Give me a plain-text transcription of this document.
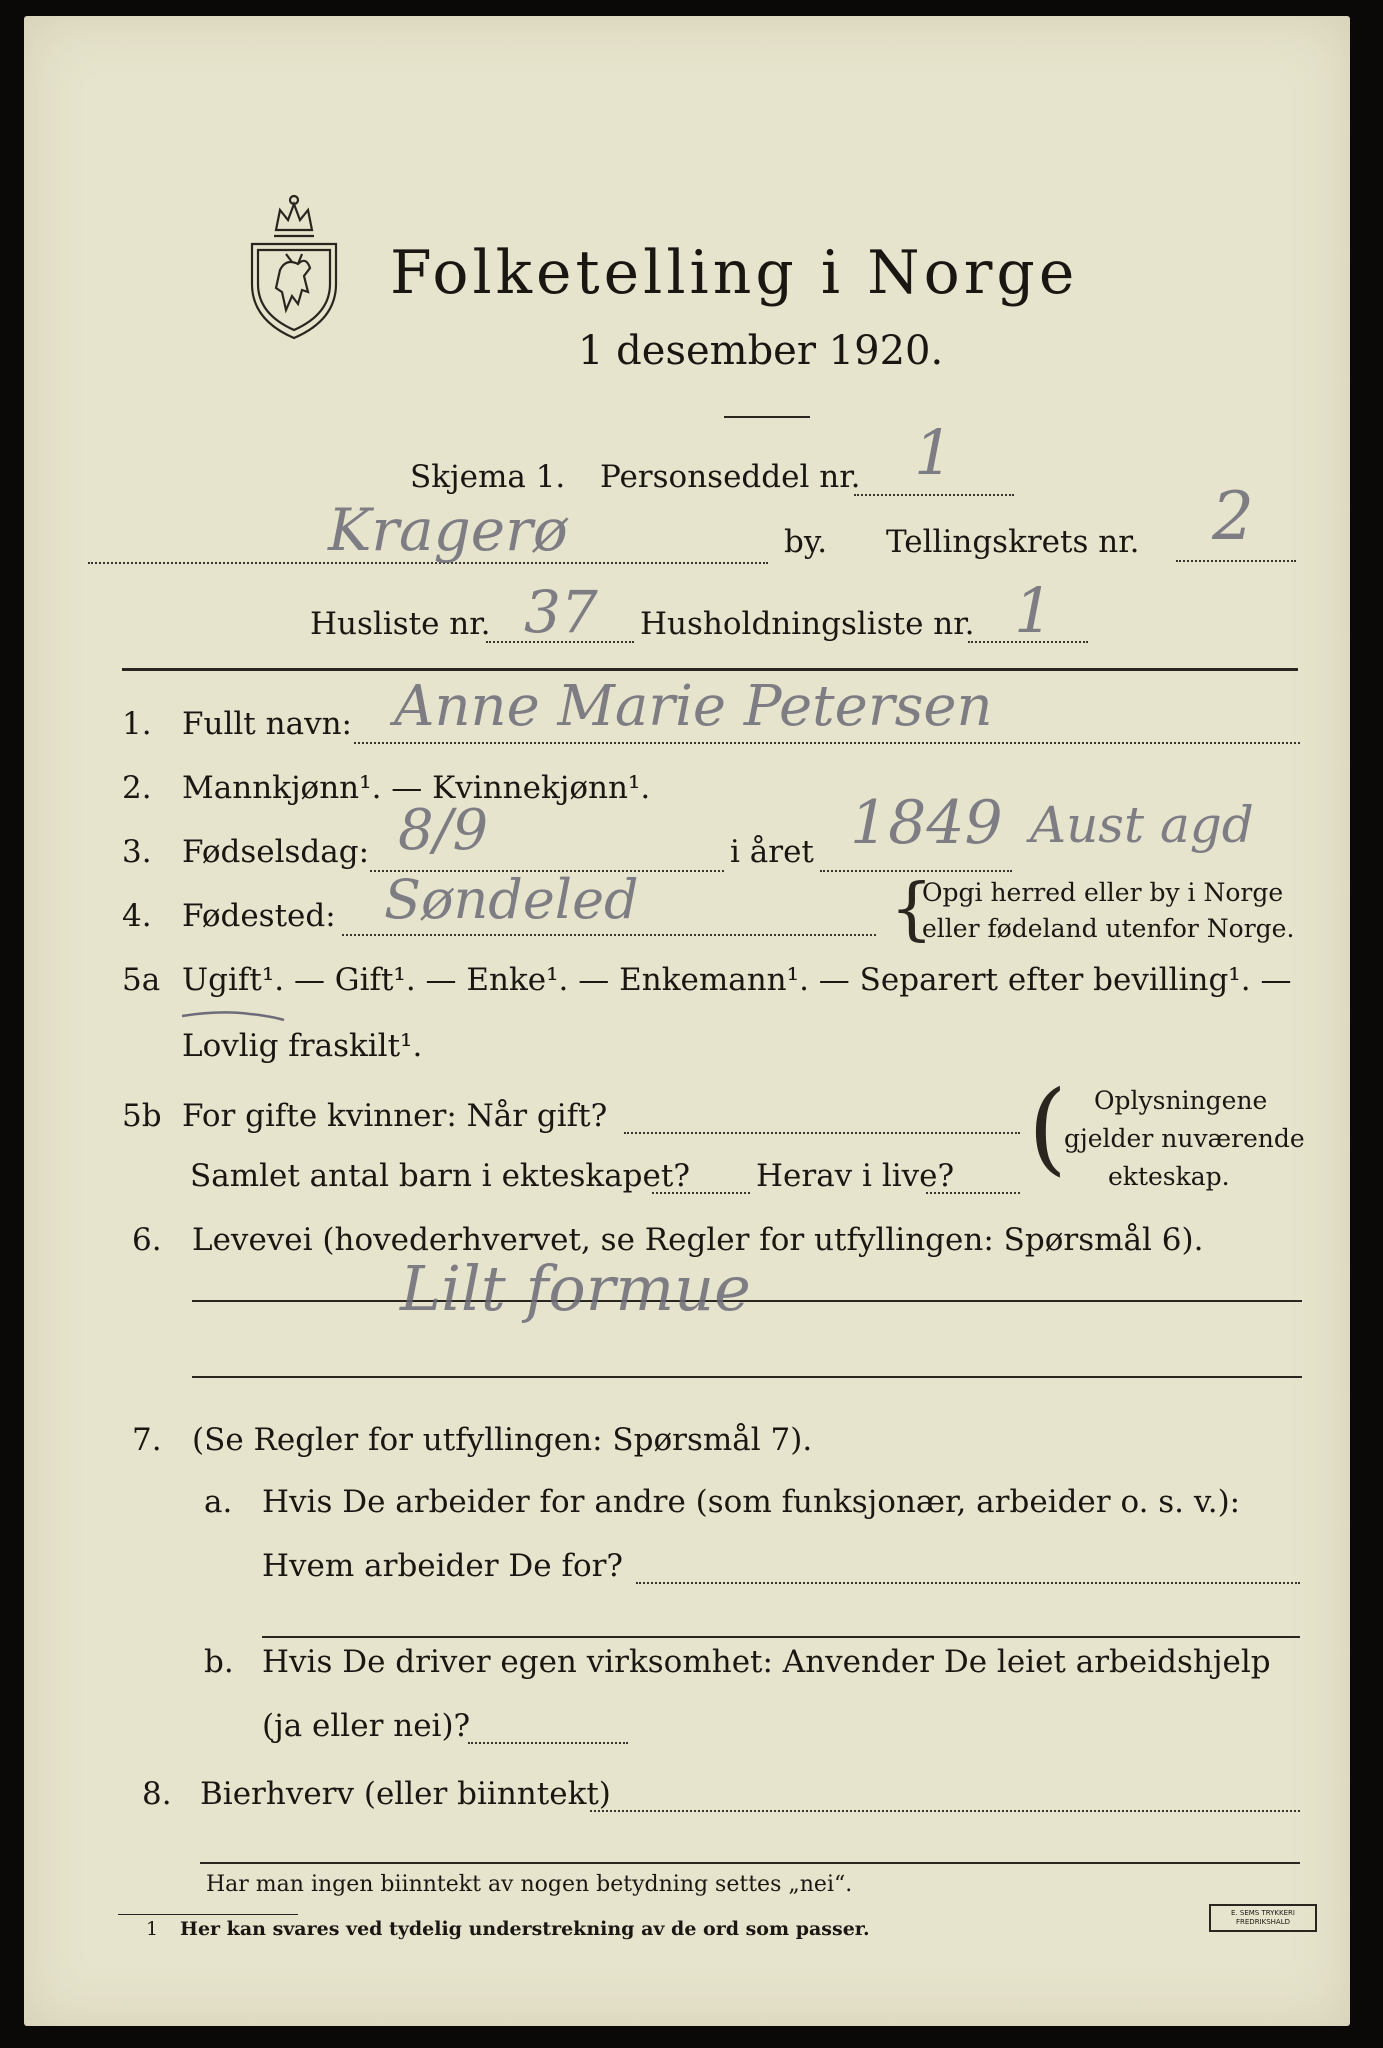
Folketelling i Norge
1 desember 1920.
Skjema 1. Personseddel nr. 1
Kragerø	by. Tellingskrets nr. 2
Husliste nr. 37 Husholdningsliste nr. 1
1. Fullt navn: Anne Marie Petersen
2. Mannkjønn¹. — Kvinnekjønn¹.
3. Fødselsdag: 8/9	i året 1849 Aust agd
4. Fødested: Søndeled	{
Opgi herred eller by i Norge
eller fødeland utenfor Norge.
5a Ugift¹. — Gift¹. — Enke¹. — Enkemann¹. — Separert efter bevilling¹. —
Lovlig fraskilt¹.
5b For gifte kvinner: Når gift?
Samlet antal barn i ekteskapet? Herav i live? ( Oplysningene
gjelder nuværende
ekteskap.
6. Levevei (hovederhvervet, se Regler for utfyllingen: Spørsmål 6).
Lilt formue
7. (Se Regler for utfyllingen: Spørsmål 7).
a. Hvis De arbeider for andre (som funksjonær, arbeider o. s. v.):
Hvem arbeider De for?
b. Hvis De driver egen virksomhet: Anvender De leiet arbeidshjelp
(ja eller nei)?
8. Bierhverv (eller biinntekt)
Har man ingen biinntekt av nogen betydning settes „nei“.
1 Her kan svares ved tydelig understrekning av de ord som passer.
E. SEMS TRYKKERI
FREDRIKSHALD
